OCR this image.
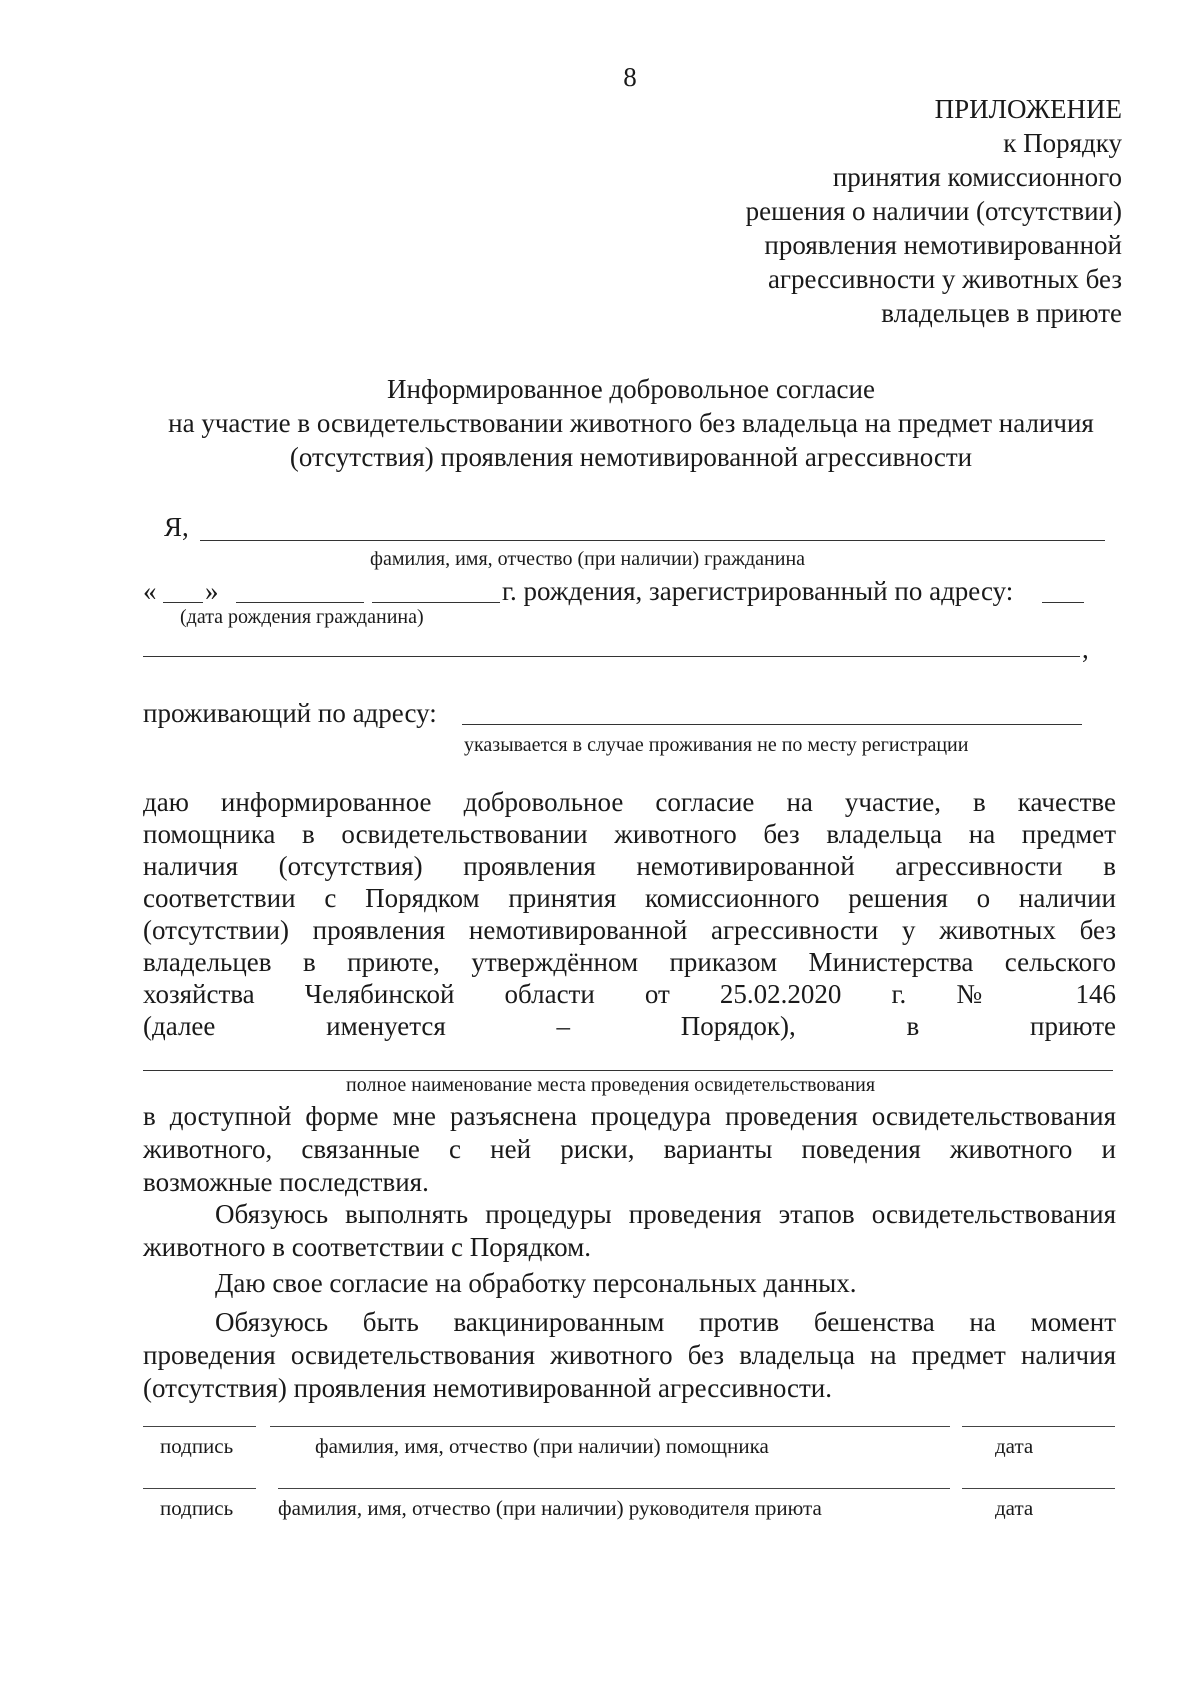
8
ПРИЛОЖЕНИЕ
к Порядку
принятия комиссионного
решения о наличии (отсутствии)
проявления немотивированной
агрессивности у животных без
владельцев в приюте
Информированное добровольное согласие
на участие в освидетельствовании животного без владельца на предмет наличия
(отсутствия) проявления немотивированной агрессивности
Я,
фамилия, имя, отчество (при наличии) гражданина
« »	г. рождения, зарегистрированный по адресу:
(дата рождения гражданина)
,
проживающий по адресу:
указывается в случае проживания не по месту регистрации
даю информированное добровольное согласие на участие, в качестве
помощника в освидетельствовании животного без владельца на предмет
наличия (отсутствия) проявления немотивированной агрессивности в
соответствии с Порядком принятия комиссионного решения о наличии
(отсутствии) проявления немотивированной агрессивности у животных без
владельцев в приюте, утверждённом приказом Министерства сельского
хозяйства Челябинской области от 25.02.2020 г. № 146
(далее именуется – Порядок), в приюте
полное наименование места проведения освидетельствования
в доступной форме мне разъяснена процедура проведения освидетельствования
животного, связанные с ней риски, варианты поведения животного и
возможные последствия.
Обязуюсь выполнять процедуры проведения этапов освидетельствования
животного в соответствии с Порядком.
Даю свое согласие на обработку персональных данных.
Обязуюсь быть вакцинированным против бешенства на момент
проведения освидетельствования животного без владельца на предмет наличия
(отсутствия) проявления немотивированной агрессивности.
подпись	фамилия, имя, отчество (при наличии) помощника	дата
подпись фамилия, имя, отчество (при наличии) руководителя приюта	дата
